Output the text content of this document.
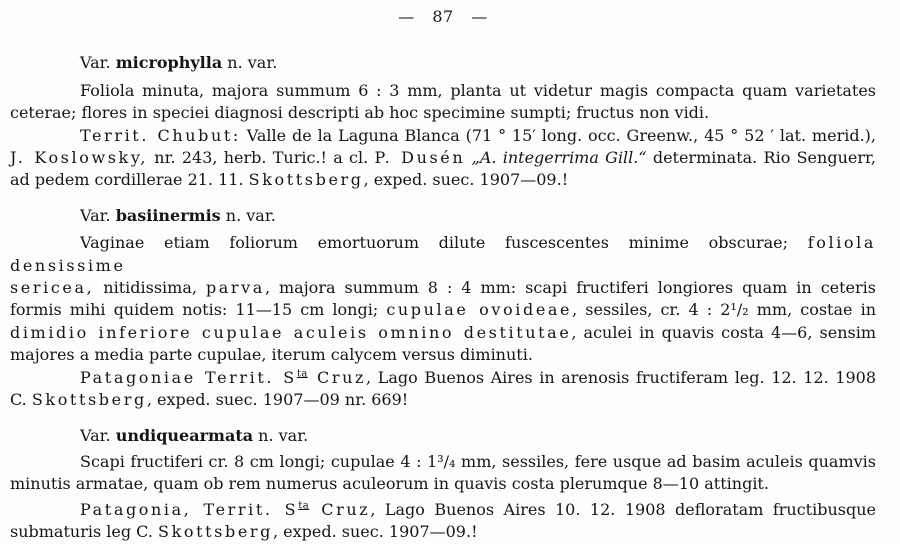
— 87 —
Var. microphylla n. var.
Foliola minuta, majora summum 6 : 3 mm, planta ut videtur magis compacta quam varietates
ceterae; flores in speciei diagnosi descripti ab hoc specimine sumpti; fructus non vidi.
Territ. Chubut: Valle de la Laguna Blanca (71 ° 15′ long. occ. Greenw., 45 ° 52 ′ lat. merid.),
J. Koslowsky, nr. 243, herb. Turic.! a cl. P. Dusén „A. integerrima Gill.“ determinata. Rio Senguerr,
ad pedem cordillerae 21. 11. Skottsberg, exped. suec. 1907—09.!
Var. basiinermis n. var.
Vaginae etiam foliorum emortuorum dilute fuscescentes minime obscurae; foliola densissime
sericea, nitidissima, parva, majora summum 8 : 4 mm: scapi fructiferi longiores quam in ceteris
formis mihi quidem notis: 11—15 cm longi; cupulae ovoideae, sessiles, cr. 4 : 2¹/₂ mm, costae in
dimidio inferiore cupulae aculeis omnino destitutae, aculei in quavis costa 4—6, sensim
majores a media parte cupulae, iterum calycem versus diminuti.
Patagoniae Territ. $S^{ta}$ Cruz, Lago Buenos Aires in arenosis fructiferam leg. 12. 12. 1908
C. Skottsberg, exped. suec. 1907—09 nr. 669!
Var. undiquearmata n. var.
Scapi fructiferi cr. 8 cm longi; cupulae 4 : 1³/₄ mm, sessiles, fere usque ad basim aculeis quamvis
minutis armatae, quam ob rem numerus aculeorum in quavis costa plerumque 8—10 attingit.
Patagonia, Territ. $S^{ta}$ Cruz, Lago Buenos Aires 10. 12. 1908 defloratam fructibusque
submaturis leg C. Skottsberg, exped. suec. 1907—09.!
